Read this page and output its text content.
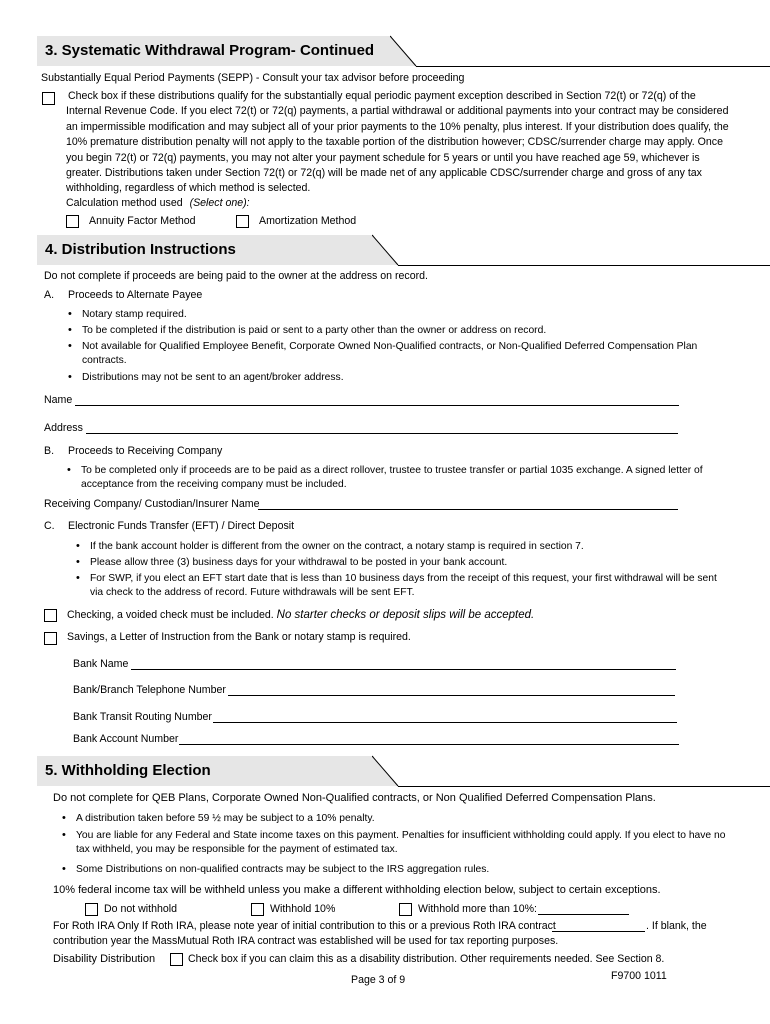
3. Systematic Withdrawal Program- Continued
Substantially Equal Period Payments (SEPP) - Consult your tax advisor before proceeding
Check box if these distributions qualify for the substantially equal periodic payment exception described in Section 72(t) or 72(q) of the Internal Revenue Code. If you elect 72(t) or 72(q) payments, a partial withdrawal or additional payments into your contract may be considered an impermissible modification and may subject all of your prior payments to the 10% penalty, plus interest. If your distribution does qualify, the 10% premature distribution penalty will not apply to the taxable portion of the distribution however; CDSC/surrender charge may apply. Once you begin 72(t) or 72(q) payments, you may not alter your payment schedule for 5 years or until you have reached age 59, whichever is greater. Distributions taken under Section 72(t) or 72(q) will be made net of any applicable CDSC/surrender charge and gross of any tax withholding, regardless of which method is selected.
Calculation method used (Select one):
Annuity Factor Method	Amortization Method
4. Distribution Instructions
Do not complete if proceeds are being paid to the owner at the address on record.
A. Proceeds to Alternate Payee
• Notary stamp required.
• To be completed if the distribution is paid or sent to a party other than the owner or address on record.
• Not available for Qualified Employee Benefit, Corporate Owned Non-Qualified contracts, or Non-Qualified Deferred Compensation Plan contracts.
• Distributions may not be sent to an agent/broker address.
Name
Address
B. Proceeds to Receiving Company
• To be completed only if proceeds are to be paid as a direct rollover, trustee to trustee transfer or partial 1035 exchange. A signed letter of acceptance from the receiving company must be included.
Receiving Company/ Custodian/Insurer Name
C. Electronic Funds Transfer (EFT) / Direct Deposit
• If the bank account holder is different from the owner on the contract, a notary stamp is required in section 7.
• Please allow three (3) business days for your withdrawal to be posted in your bank account.
• For SWP, if you elect an EFT start date that is less than 10 business days from the receipt of this request, your first withdrawal will be sent via check to the address of record. Future withdrawals will be sent EFT.
Checking, a voided check must be included. No starter checks or deposit slips will be accepted.
Savings, a Letter of Instruction from the Bank or notary stamp is required.
Bank Name
Bank/Branch Telephone Number
Bank Transit Routing Number
Bank Account Number
5. Withholding Election
Do not complete for QEB Plans, Corporate Owned Non-Qualified contracts, or Non Qualified Deferred Compensation Plans.
• A distribution taken before 59 ½ may be subject to a 10% penalty.
• You are liable for any Federal and State income taxes on this payment. Penalties for insufficient withholding could apply. If you elect to have no tax withheld, you may be responsible for the payment of estimated tax.
• Some Distributions on non-qualified contracts may be subject to the IRS aggregation rules.
10% federal income tax will be withheld unless you make a different withholding election below, subject to certain exceptions.
Do not withhold	Withhold 10%	Withhold more than 10%:
For Roth IRA Only If Roth IRA, please note year of initial contribution to this or a previous Roth IRA contract	. If blank, the
contribution year the MassMutual Roth IRA contract was established will be used for tax reporting purposes.
Disability Distribution	Check box if you can claim this as a disability distribution. Other requirements needed. See Section 8.
Page 3 of 9	F9700 1011
